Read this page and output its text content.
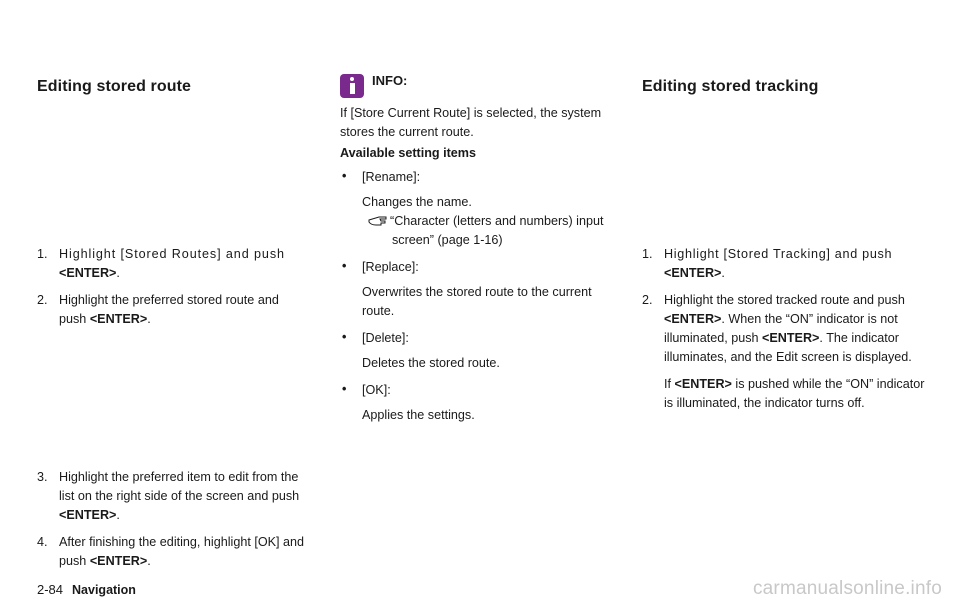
Editing stored route
1. Highlight [Stored Routes] and push
<ENTER>.
2. Highlight the preferred stored route and
push <ENTER>.
3. Highlight the preferred item to edit from the
list on the right side of the screen and push
<ENTER>.
4. After finishing the editing, highlight [OK] and
push <ENTER>.
INFO:
If [Store Current Route] is selected, the system stores the current route.
Available setting items
• [Rename]:
Changes the name.
“Character (letters and numbers) input
screen” (page 1-16)
• [Replace]:
Overwrites the stored route to the current route.
• [Delete]:
Deletes the stored route.
• [OK]:
Applies the settings.
Editing stored tracking
1. Highlight [Stored Tracking] and push
<ENTER>.
2. Highlight the stored tracked route and push
<ENTER>. When the “ON” indicator is not
illuminated, push <ENTER>. The indicator
illuminates, and the Edit screen is displayed.
If <ENTER> is pushed while the “ON” indicator is illuminated, the indicator turns off.
2-84 Navigation	carmanualsonline.info
